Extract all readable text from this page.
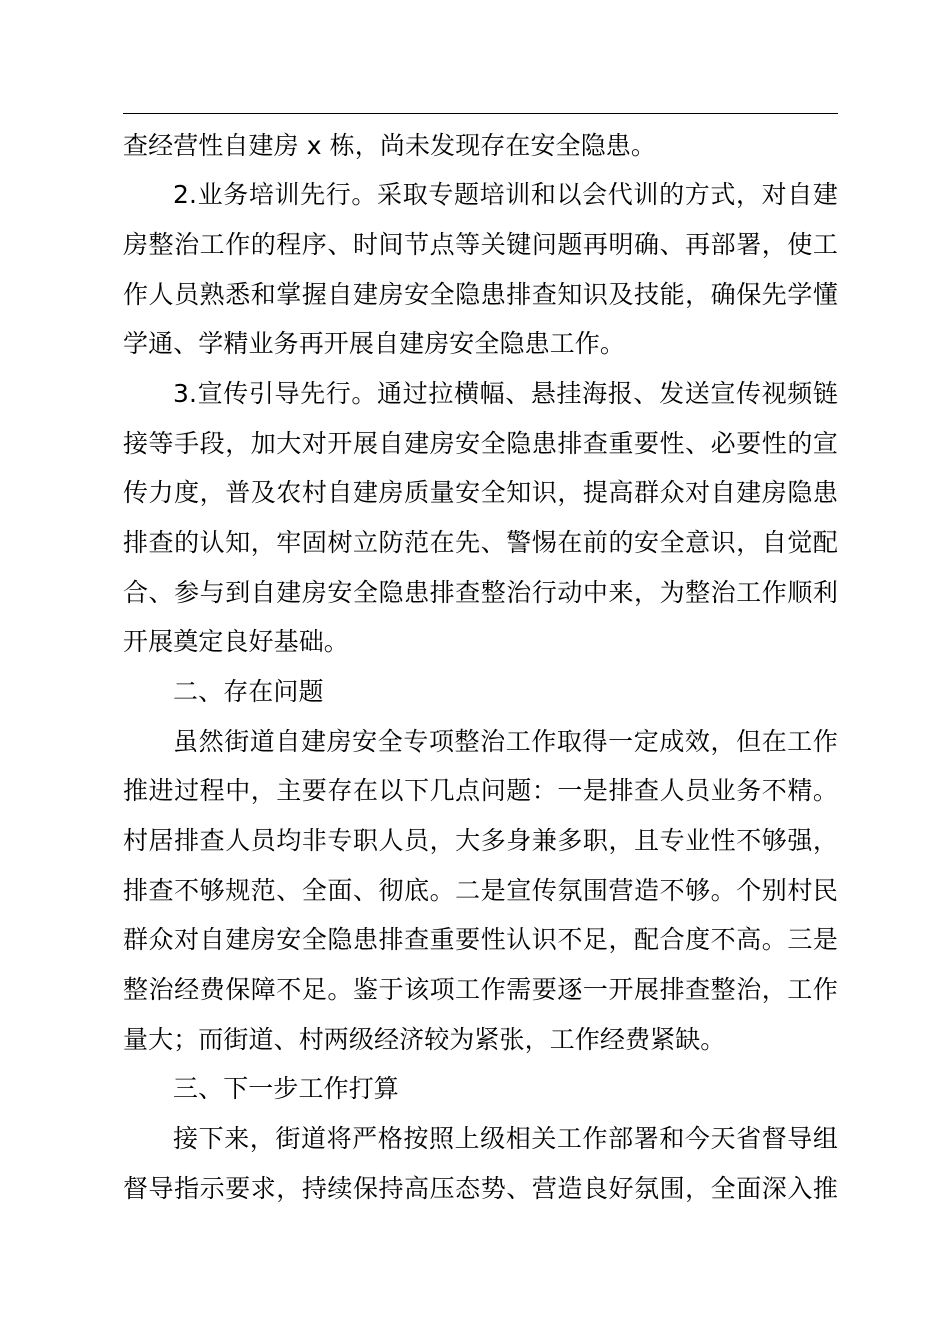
查经营性自建房 x 栋，尚未发现存在安全隐患。
2.业务培训先行。采取专题培训和以会代训的方式，对自建
房整治工作的程序、时间节点等关键问题再明确、再部署，使工
作人员熟悉和掌握自建房安全隐患排查知识及技能，确保先学懂
学通、学精业务再开展自建房安全隐患工作。
3.宣传引导先行。通过拉横幅、悬挂海报、发送宣传视频链
接等手段，加大对开展自建房安全隐患排查重要性、必要性的宣
传力度，普及农村自建房质量安全知识，提高群众对自建房隐患
排查的认知，牢固树立防范在先、警惕在前的安全意识，自觉配
合、参与到自建房安全隐患排查整治行动中来，为整治工作顺利
开展奠定良好基础。
二、存在问题
虽然街道自建房安全专项整治工作取得一定成效，但在工作
推进过程中，主要存在以下几点问题：一是排查人员业务不精。
村居排查人员均非专职人员，大多身兼多职，且专业性不够强，
排查不够规范、全面、彻底。二是宣传氛围营造不够。个别村民
群众对自建房安全隐患排查重要性认识不足，配合度不高。三是
整治经费保障不足。鉴于该项工作需要逐一开展排查整治，工作
量大；而街道、村两级经济较为紧张，工作经费紧缺。
三、下一步工作打算
接下来，街道将严格按照上级相关工作部署和今天省督导组
督导指示要求，持续保持高压态势、营造良好氛围，全面深入推
